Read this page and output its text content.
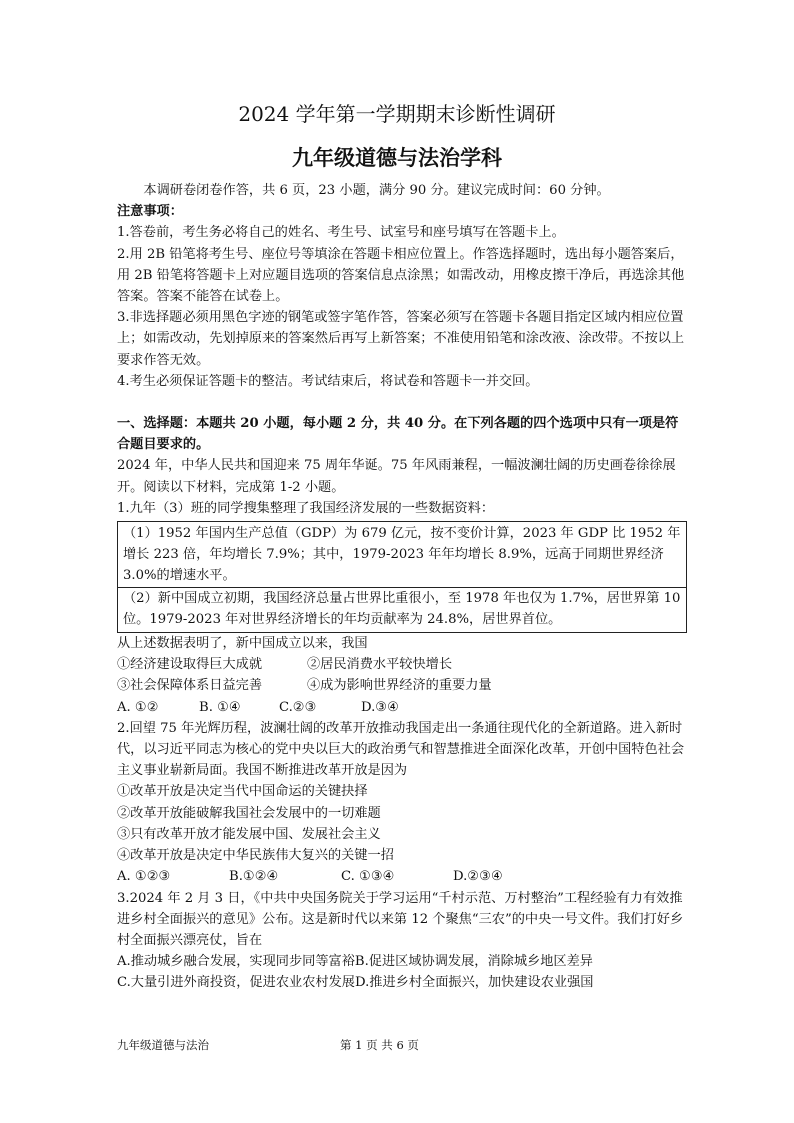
2024 学年第一学期期末诊断性调研
九年级道德与法治学科

本调研卷闭卷作答，共 6 页，23 小题，满分 90 分。建议完成时间：60 分钟。

注意事项：

1.答卷前，考生务必将自己的姓名、考生号、试室号和座号填写在答题卡上。

2.用 2B 铅笔将考生号、座位号等填涂在答题卡相应位置上。作答选择题时，选出每小题答案后，用 2B 铅笔将答题卡上对应题目选项的答案信息点涂黑；如需改动，用橡皮擦干净后，再选涂其他答案。答案不能答在试卷上。

3.非选择题必须用黑色字迹的钢笔或签字笔作答，答案必须写在答题卡各题目指定区域内相应位置上；如需改动，先划掉原来的答案然后再写上新答案；不准使用铅笔和涂改液、涂改带。不按以上要求作答无效。

4.考生必须保证答题卡的整洁。考试结束后，将试卷和答题卡一并交回。

一、选择题：本题共 20 小题，每小题 2 分，共 40 分。在下列各题的四个选项中只有一项是符合题目要求的。

2024 年，中华人民共和国迎来 75 周年华诞。75 年风雨兼程，一幅波澜壮阔的历史画卷徐徐展开。阅读以下材料，完成第 1-2 小题。

1.九年（3）班的同学搜集整理了我国经济发展的一些数据资料：

（1）1952 年国内生产总值（GDP）为 679 亿元，按不变价计算，2023 年 GDP 比 1952 年增长 223 倍，年均增长 7.9%；其中，1979-2023 年年均增长 8.9%，远高于同期世界经济 3.0%的增速水平。

（2）新中国成立初期，我国经济总量占世界比重很小，至 1978 年也仅为 1.7%，居世界第 10 位。1979-2023 年对世界经济增长的年均贡献率为 24.8%，居世界首位。

从上述数据表明了，新中国成立以来，我国

①经济建设取得巨大成就	②居民消费水平较快增长
③社会保障体系日益完善	④成为影响世界经济的重要力量
A. ①②	B. ①④	C.②③	D.③④

2.回望 75 年光辉历程，波澜壮阔的改革开放推动我国走出一条通往现代化的全新道路。进入新时代，以习近平同志为核心的党中央以巨大的政治勇气和智慧推进全面深化改革，开创中国特色社会主义事业崭新局面。我国不断推进改革开放是因为

①改革开放是决定当代中国命运的关键抉择

②改革开放能破解我国社会发展中的一切难题

③只有改革开放才能发展中国、发展社会主义

④改革开放是决定中华民族伟大复兴的关键一招

A. ①②③	B.①②④	C. ①③④	D.②③④

3.2024 年 2 月 3 日，《中共中央国务院关于学习运用“千村示范、万村整治”工程经验有力有效推进乡村全面振兴的意见》公布。这是新时代以来第 12 个聚焦“三农”的中央一号文件。我们打好乡村全面振兴漂亮仗，旨在

A.推动城乡融合发展，实现同步同等富裕 B.促进区域协调发展，消除城乡地区差异
C.大量引进外商投资，促进农业农村发展 D.推进乡村全面振兴，加快建设农业强国
九年级道德与法治	第 1 页 共 6 页
